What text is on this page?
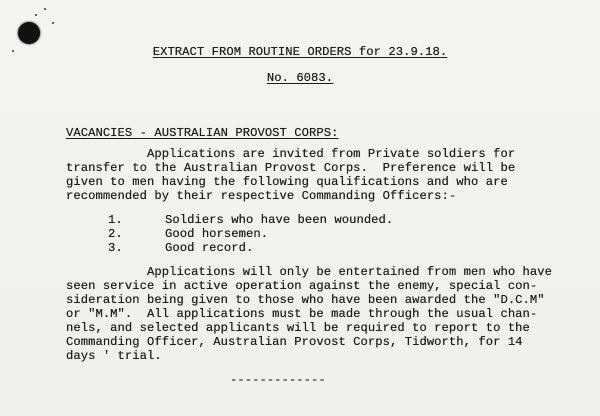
EXTRACT FROM ROUTINE ORDERS for 23.9.18.
No. 6083.
VACANCIES - AUSTRALIAN PROVOST CORPS:
Applications are invited from Private soldiers for
transfer to the Australian Provost Corps.  Preference will be
given to men having the following qualifications and who are
recommended by their respective Commanding Officers:-
1.	Soldiers who have been wounded.
2.	Good horsemen.
3.	Good record.
Applications will only be entertained from men who have
seen service in active operation against the enemy, special con-
sideration being given to those who have been awarded the "D.C.M"
or "M.M".  All applications must be made through the usual chan-
nels, and selected applicants will be required to report to the
Commanding Officer, Australian Provost Corps, Tidworth, for 14
days ' trial.
-------------
